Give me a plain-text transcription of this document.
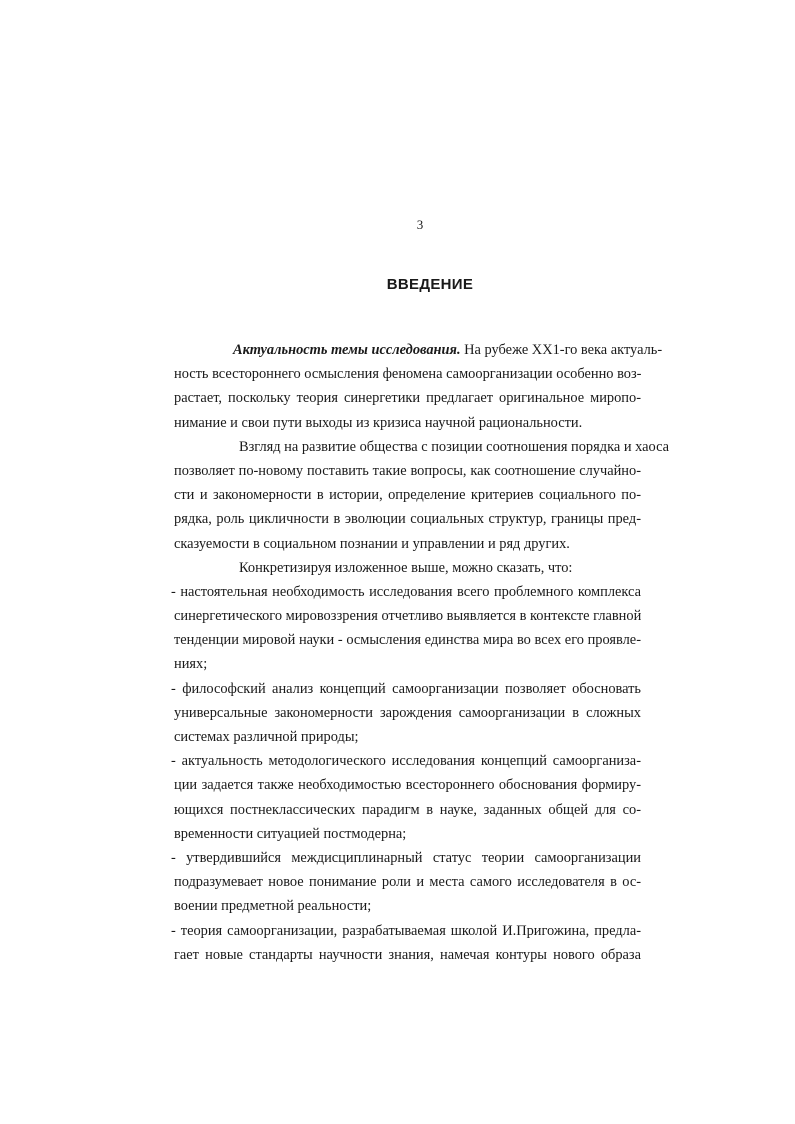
3
ВВЕДЕНИЕ
Актуальность темы исследования. На рубеже XX1-го века актуаль-
ность всестороннего осмысления феномена самоорганизации особенно воз-
растает, поскольку теория синергетики предлагает оригинальное миропо-
нимание и свои пути выходы из кризиса научной рациональности.
Взгляд на развитие общества с позиции соотношения порядка и хаоса
позволяет по-новому поставить такие вопросы, как соотношение случайно-
сти и закономерности в истории, определение критериев социального по-
рядка, роль цикличности в эволюции социальных структур, границы пред-
сказуемости в социальном познании и управлении и ряд других.
Конкретизируя изложенное выше, можно сказать, что:
- настоятельная необходимость исследования всего проблемного комплекса
синергетического мировоззрения отчетливо выявляется в контексте главной
тенденции мировой науки - осмысления единства мира во всех его проявле-
ниях;
- философский анализ концепций самоорганизации позволяет обосновать
универсальные закономерности зарождения самоорганизации в сложных
системах различной природы;
- актуальность методологического исследования концепций самоорганиза-
ции задается также необходимостью всестороннего обоснования формиру-
ющихся постнеклассических парадигм в науке, заданных общей для со-
временности ситуацией постмодерна;
- утвердившийся междисциплинарный статус теории самоорганизации
подразумевает новое понимание роли и места самого исследователя в ос-
воении предметной реальности;
- теория самоорганизации, разрабатываемая школой И.Пригожина, предла-
гает новые стандарты научности знания, намечая контуры нового образа
